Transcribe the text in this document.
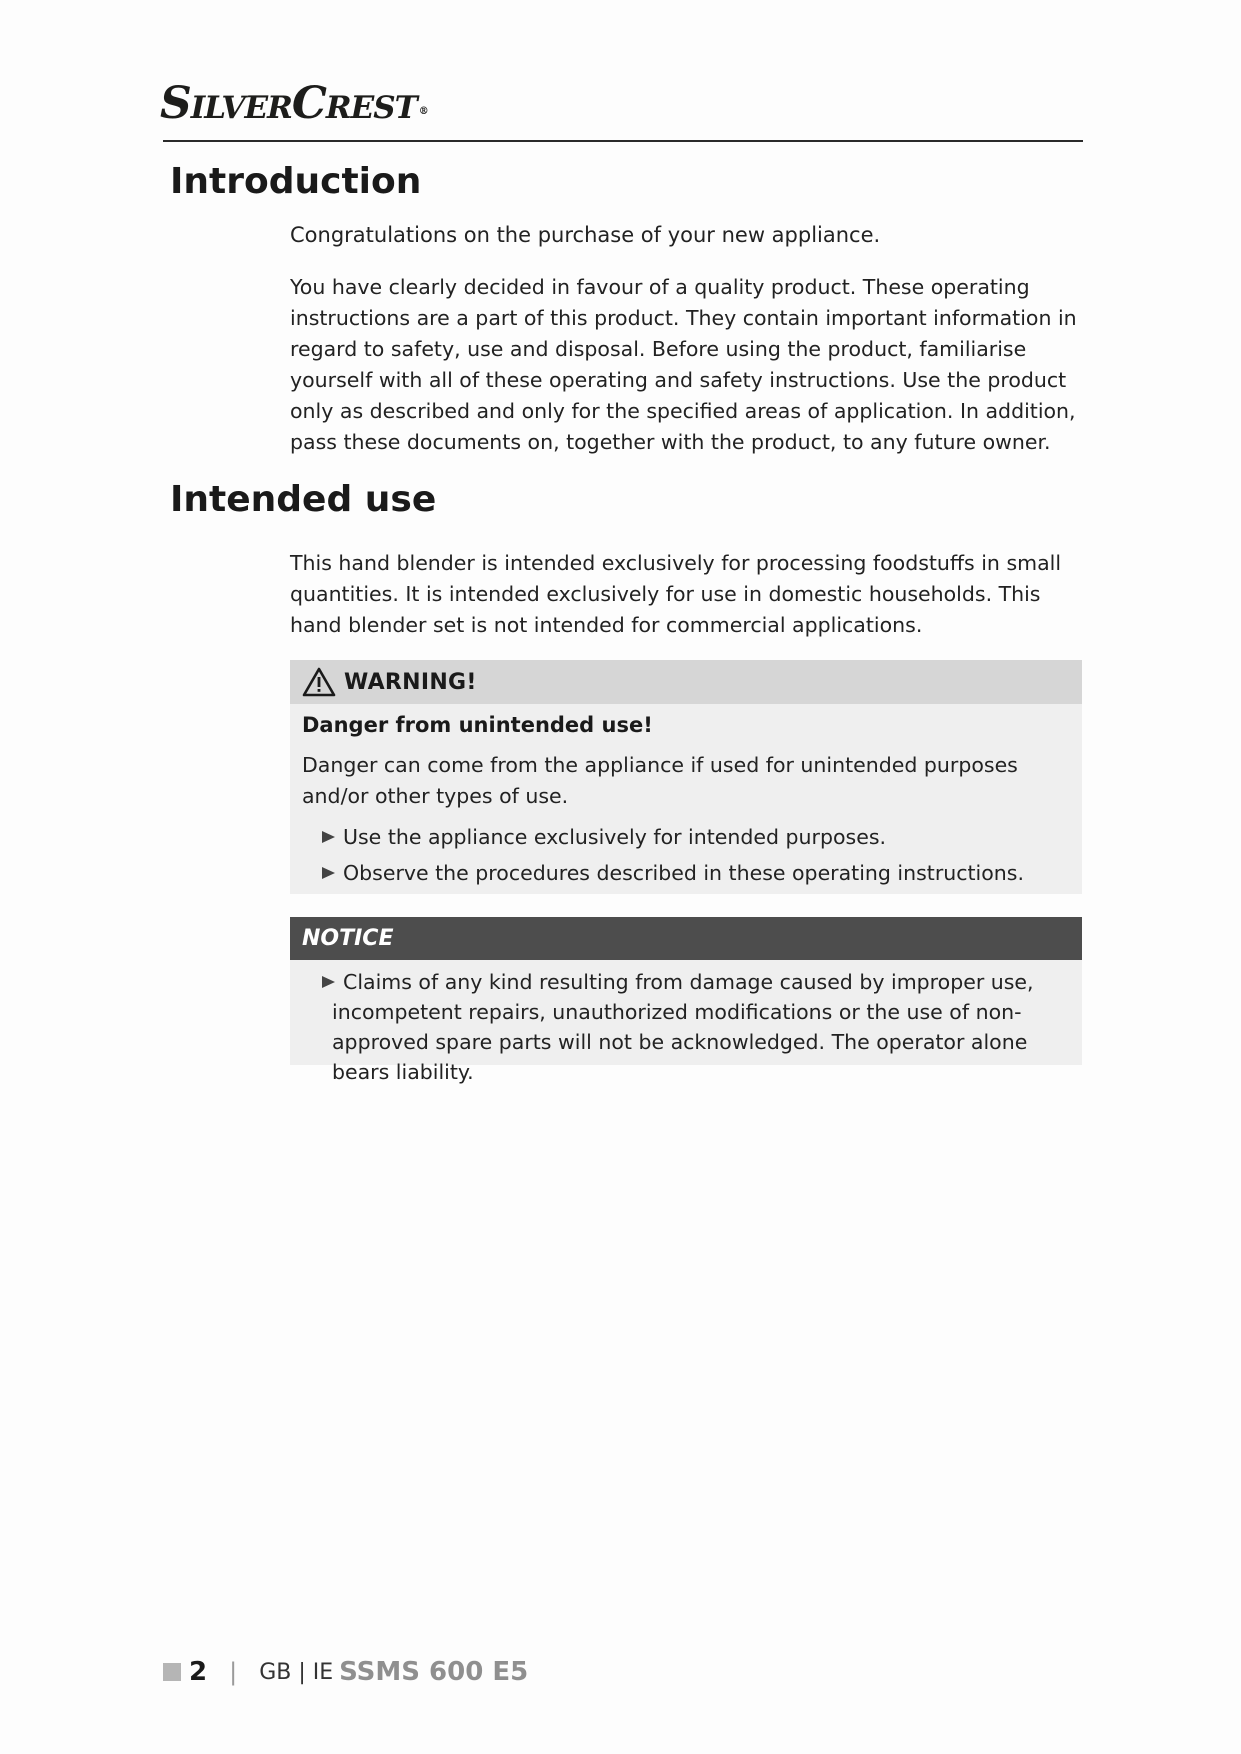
SilverCrest ®
Introduction

Congratulations on the purchase of your new appliance.

You have clearly decided in favour of a quality product. These operating instructions are a part of this product. They contain important information in regard to safety, use and disposal. Before using the product, familiarise yourself with all of these operating and safety instructions. Use the product only as described and only for the specified areas of application. In addition, pass these documents on, together with the product, to any future owner.

Intended use

This hand blender is intended exclusively for processing foodstuffs in small quantities. It is intended exclusively for use in domestic households. This hand blender set is not intended for commercial applications.

WARNING!
Danger from unintended use!

Danger can come from the appliance if used for unintended purposes and/or other types of use.

Use the appliance exclusively for intended purposes.
Observe the procedures described in these operating instructions.
NOTICE
Claims of any kind resulting from damage caused by improper use,
incompetent repairs, unauthorized modifications or the use of non-approved spare parts will not be acknowledged. The operator alone bears liability.
2 | GB | IE SSMS 600 E5
